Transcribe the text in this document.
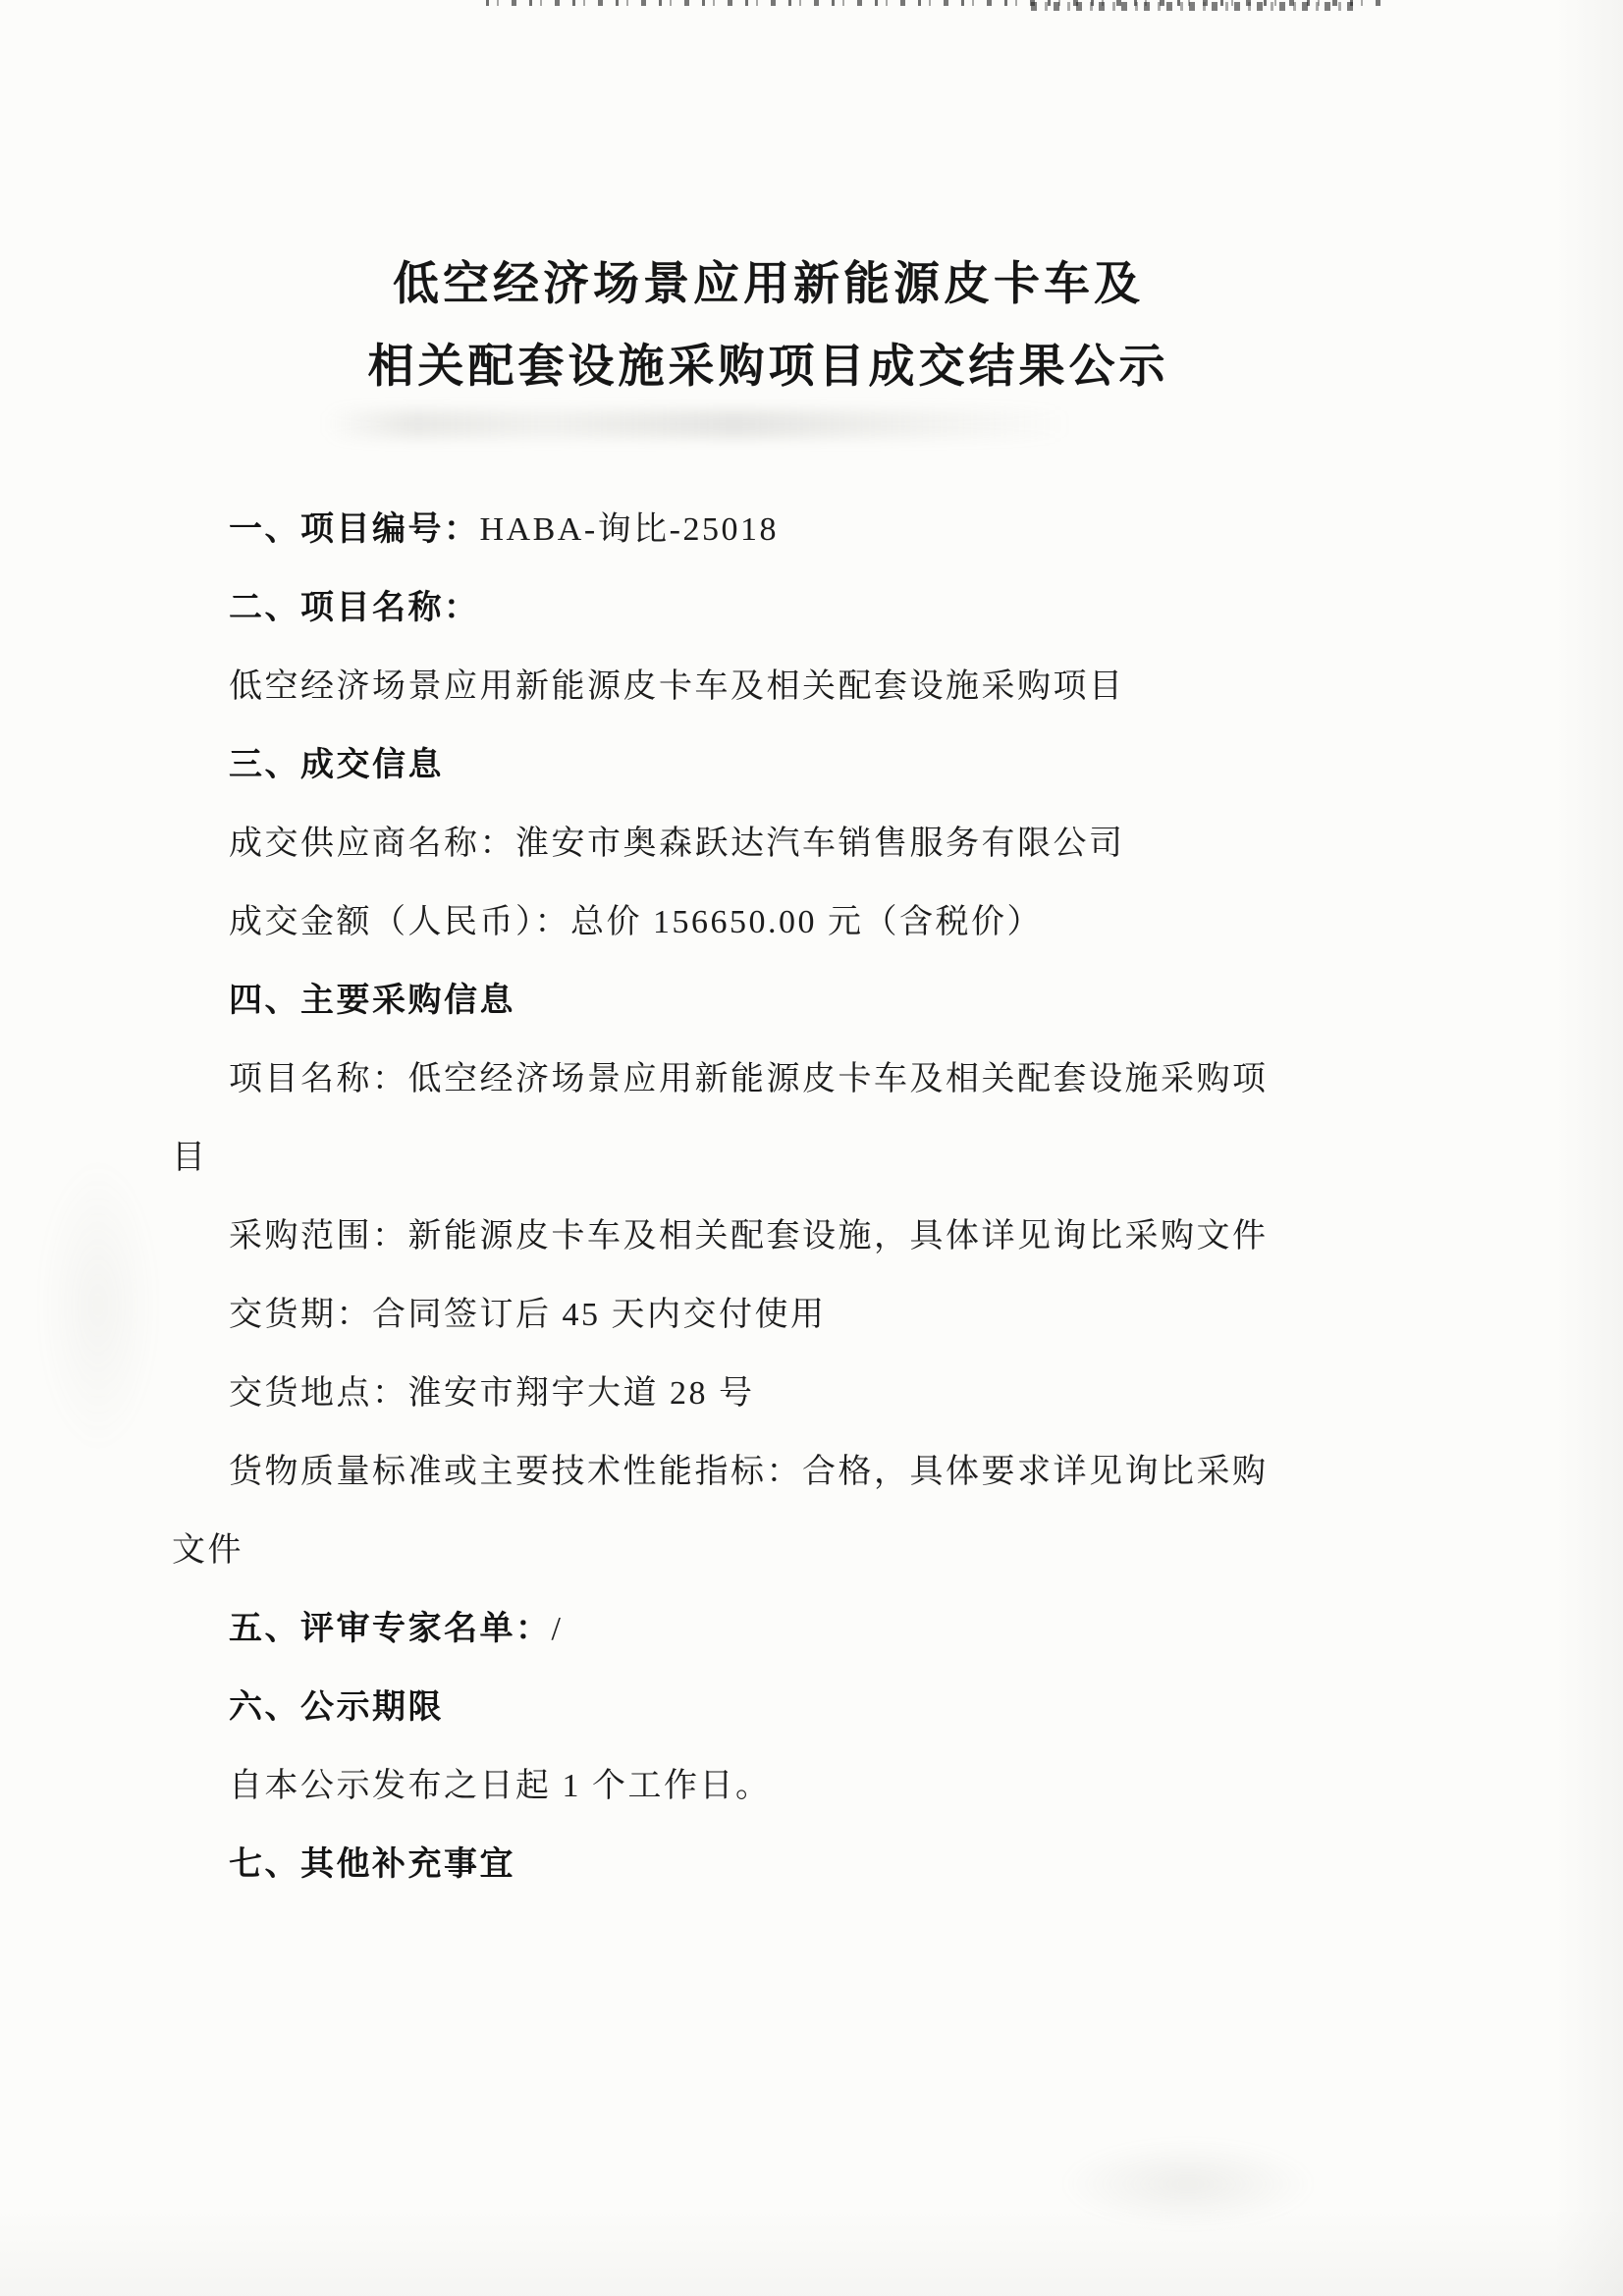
低空经济场景应用新能源皮卡车及
相关配套设施采购项目成交结果公示
一、项目编号：HABA-询比-25018
二、项目名称：
低空经济场景应用新能源皮卡车及相关配套设施采购项目
三、成交信息
成交供应商名称：淮安市奥森跃达汽车销售服务有限公司
成交金额（人民币）：总价 156650.00 元（含税价）
四、主要采购信息
项目名称：低空经济场景应用新能源皮卡车及相关配套设施采购项
目
采购范围：新能源皮卡车及相关配套设施，具体详见询比采购文件
交货期：合同签订后 45 天内交付使用
交货地点：淮安市翔宇大道 28 号
货物质量标准或主要技术性能指标：合格，具体要求详见询比采购
文件
五、评审专家名单：/
六、公示期限
自本公示发布之日起 1 个工作日。
七、其他补充事宜
